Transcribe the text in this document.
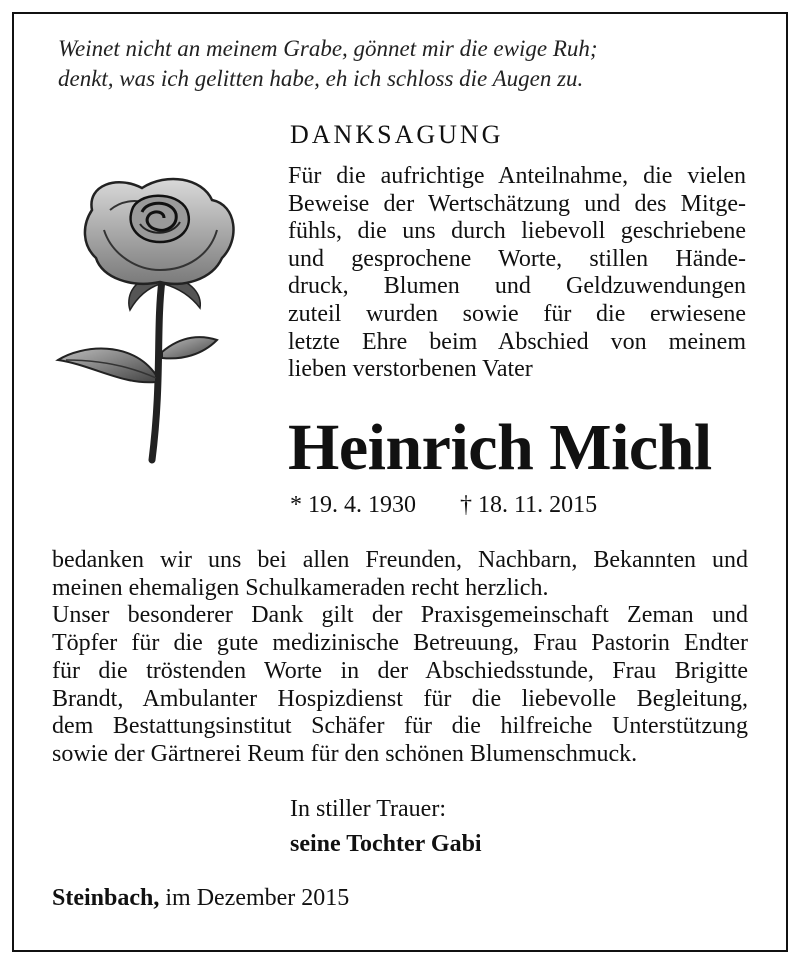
Weinet nicht an meinem Grabe, gönnet mir die ewige Ruh;
denkt, was ich gelitten habe, eh ich schloss die Augen zu.
DANKSAGUNG
Für die aufrichtige Anteilnahme, die vielen
Beweise der Wertschätzung und des Mitge-
fühls, die uns durch liebevoll geschriebene
und gesprochene Worte, stillen Hände-
druck, Blumen und Geldzuwendungen
zuteil wurden sowie für die erwiesene
letzte Ehre beim Abschied von meinem
lieben verstorbenen Vater
Heinrich Michl
* 19. 4. 1930 † 18. 11. 2015
bedanken wir uns bei allen Freunden, Nachbarn, Bekannten und
meinen ehemaligen Schulkameraden recht herzlich.
Unser besonderer Dank gilt der Praxisgemeinschaft Zeman und
Töpfer für die gute medizinische Betreuung, Frau Pastorin Endter
für die tröstenden Worte in der Abschiedsstunde, Frau Brigitte
Brandt, Ambulanter Hospizdienst für die liebevolle Begleitung,
dem Bestattungsinstitut Schäfer für die hilfreiche Unterstützung
sowie der Gärtnerei Reum für den schönen Blumenschmuck.
In stiller Trauer:
seine Tochter Gabi
Steinbach, im Dezember 2015
